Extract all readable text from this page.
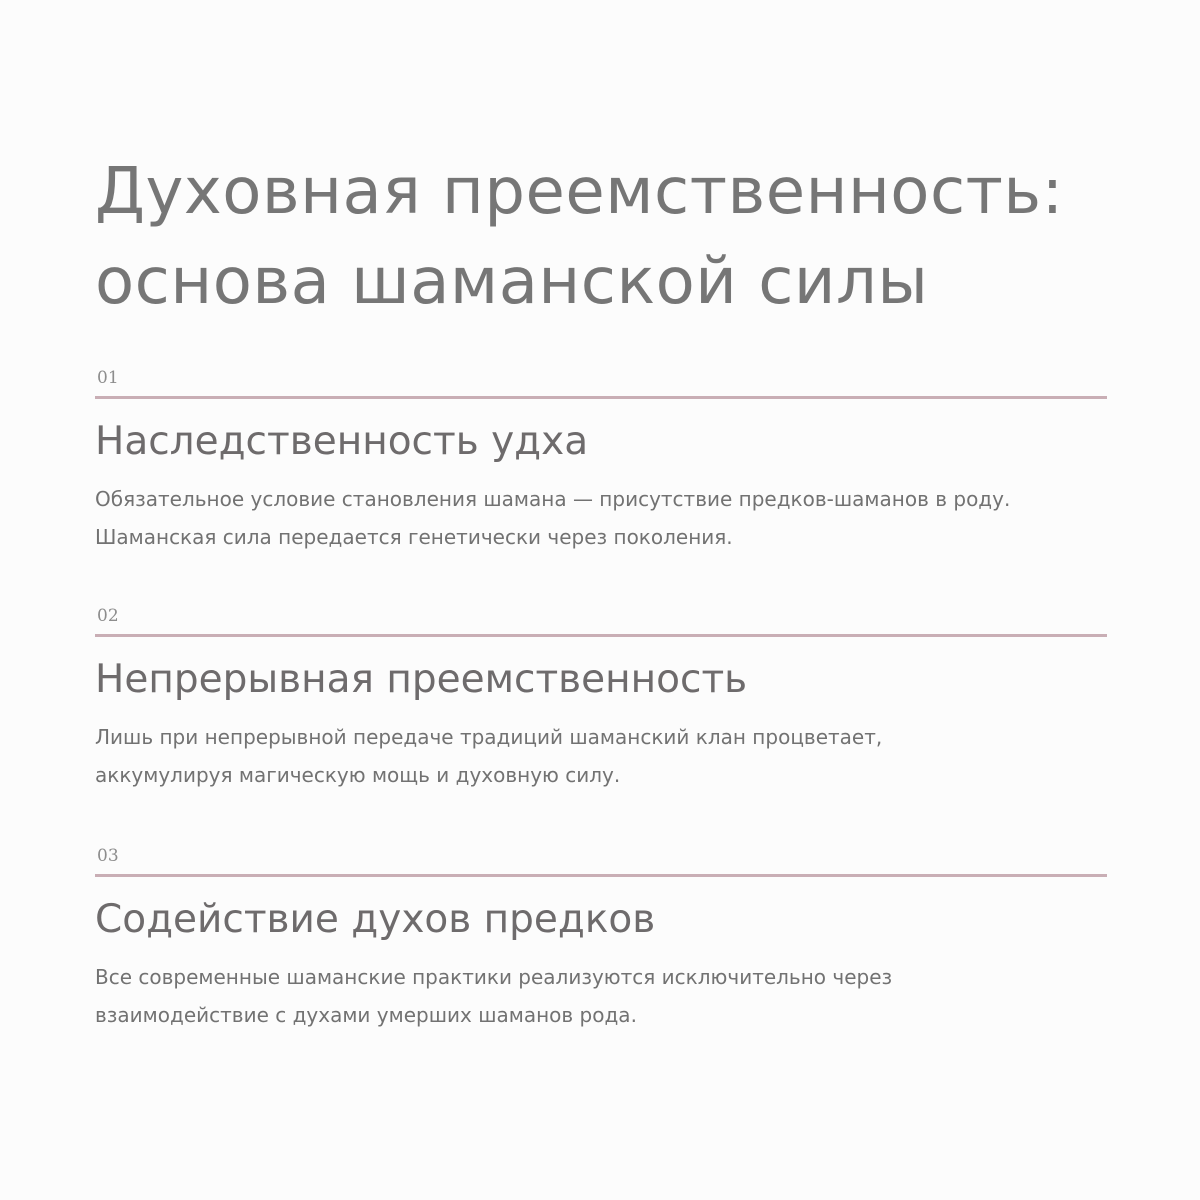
Духовная преемственность:
основа шаманской силы
01
Наследственность удха

Обязательное условие становления шамана — присутствие предков-шаманов в роду.
Шаманская сила передается генетически через поколения.

02
Непрерывная преемственность

Лишь при непрерывной передаче традиций шаманский клан процветает,
аккумулируя магическую мощь и духовную силу.

03
Содействие духов предков

Все современные шаманские практики реализуются исключительно через
взаимодействие с духами умерших шаманов рода.
